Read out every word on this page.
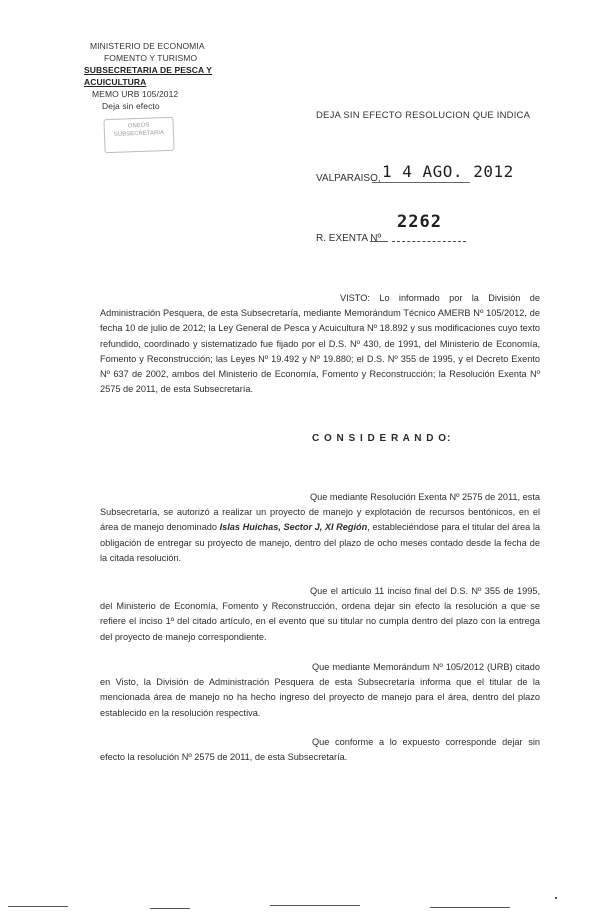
MINISTERIO DE ECONOMIA
FOMENTO Y TURISMO
SUBSECRETARIA DE PESCA Y ACUICULTURA
MEMO URB 105/2012
Deja sin efecto
ONEOS
SUBSECRETARIA
DEJA SIN EFECTO RESOLUCION QUE INDICA
VALPARAISO, 1 4 AGO. 2012
R. EXENTA Nº
2262
VISTO: Lo informado por la División de Administración Pesquera, de esta Subsecretaría, mediante Memorándum Técnico AMERB Nº 105/2012, de fecha 10 de julio de 2012; la Ley General de Pesca y Acuicultura Nº 18.892 y sus modificaciones cuyo texto refundido, coordinado y sistematizado fue fijado por el D.S. Nº 430, de 1991, del Ministerio de Economía, Fomento y Reconstrucción; las Leyes Nº 19.492 y Nº 19.880; el D.S. Nº 355 de 1995, y el Decreto Exento Nº 637 de 2002, ambos del Ministerio de Economía, Fomento y Reconstrucción; la Resolución Exenta Nº 2575 de 2011, de esta Subsecretaría.
C O N S I D E R A N D O:
Que mediante Resolución Exenta Nº 2575 de 2011, esta Subsecretaría, se autorizó a realizar un proyecto de manejo y explotación de recursos bentónicos, en el área de manejo denominado Islas Huichas, Sector J, XI Región, estableciéndose para el titular del área la obligación de entregar su proyecto de manejo, dentro del plazo de ocho meses contado desde la fecha de la citada resolución.
Que el artículo 11 inciso final del D.S. Nº 355 de 1995, del Ministerio de Economía, Fomento y Reconstrucción, ordena dejar sin efecto la resolución a que se refiere el inciso 1º del citado artículo, en el evento que su titular no cumpla dentro del plazo con la entrega del proyecto de manejo correspondiente.
Que mediante Memorándum Nº 105/2012 (URB) citado en Visto, la División de Administración Pesquera de esta Subsecretaría informa que el titular de la mencionada área de manejo no ha hecho ingreso del proyecto de manejo para el área, dentro del plazo establecido en la resolución respectiva.
Que conforme a lo expuesto corresponde dejar sin efecto la resolución Nº 2575 de 2011, de esta Subsecretaría.
